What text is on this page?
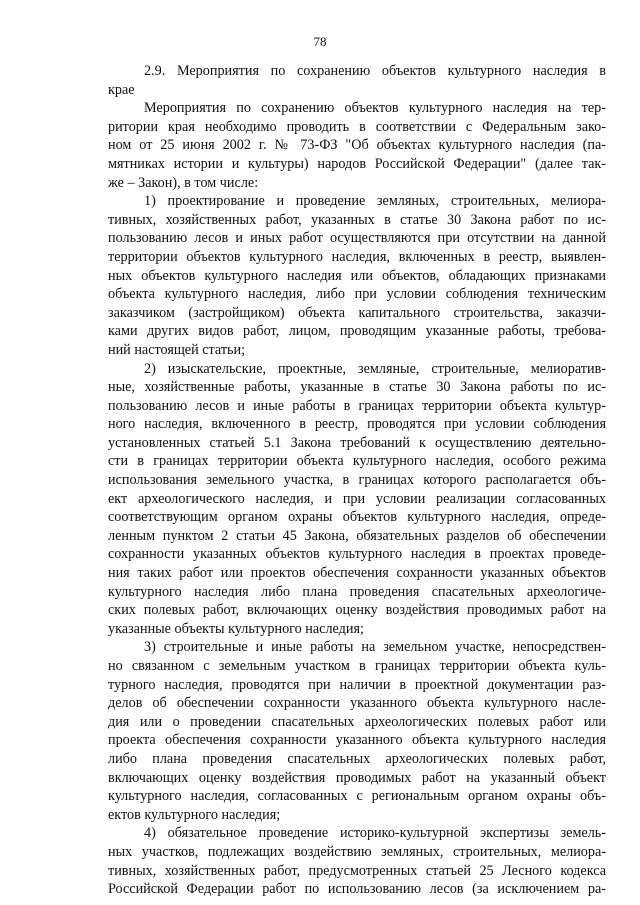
78
2.9. Мероприятия по сохранению объектов культурного наследия в
крае
Мероприятия по сохранению объектов культурного наследия на тер-
ритории края необходимо проводить в соответствии с Федеральным зако-
ном от 25 июня 2002 г. № 73-ФЗ "Об объектах культурного наследия (па-
мятниках истории и культуры) народов Российской Федерации" (далее так-
же – Закон), в том числе:
1) проектирование и проведение земляных, строительных, мелиора-
тивных, хозяйственных работ, указанных в статье 30 Закона работ по ис-
пользованию лесов и иных работ осуществляются при отсутствии на данной
территории объектов культурного наследия, включенных в реестр, выявлен-
ных объектов культурного наследия или объектов, обладающих признаками
объекта культурного наследия, либо при условии соблюдения техническим
заказчиком (застройщиком) объекта капитального строительства, заказчи-
ками других видов работ, лицом, проводящим указанные работы, требова-
ний настоящей статьи;
2) изыскательские, проектные, земляные, строительные, мелиоратив-
ные, хозяйственные работы, указанные в статье 30 Закона работы по ис-
пользованию лесов и иные работы в границах территории объекта культур-
ного наследия, включенного в реестр, проводятся при условии соблюдения
установленных статьей 5.1 Закона требований к осуществлению деятельно-
сти в границах территории объекта культурного наследия, особого режима
использования земельного участка, в границах которого располагается объ-
ект археологического наследия, и при условии реализации согласованных
соответствующим органом охраны объектов культурного наследия, опреде-
ленным пунктом 2 статьи 45 Закона, обязательных разделов об обеспечении
сохранности указанных объектов культурного наследия в проектах проведе-
ния таких работ или проектов обеспечения сохранности указанных объектов
культурного наследия либо плана проведения спасательных археологиче-
ских полевых работ, включающих оценку воздействия проводимых работ на
указанные объекты культурного наследия;
3) строительные и иные работы на земельном участке, непосредствен-
но связанном с земельным участком в границах территории объекта куль-
турного наследия, проводятся при наличии в проектной документации раз-
делов об обеспечении сохранности указанного объекта культурного насле-
дия или о проведении спасательных археологических полевых работ или
проекта обеспечения сохранности указанного объекта культурного наследия
либо плана проведения спасательных археологических полевых работ,
включающих оценку воздействия проводимых работ на указанный объект
культурного наследия, согласованных с региональным органом охраны объ-
ектов культурного наследия;
4) обязательное проведение историко-культурной экспертизы земель-
ных участков, подлежащих воздействию земляных, строительных, мелиора-
тивных, хозяйственных работ, предусмотренных статьей 25 Лесного кодекса
Российской Федерации работ по использованию лесов (за исключением ра-
